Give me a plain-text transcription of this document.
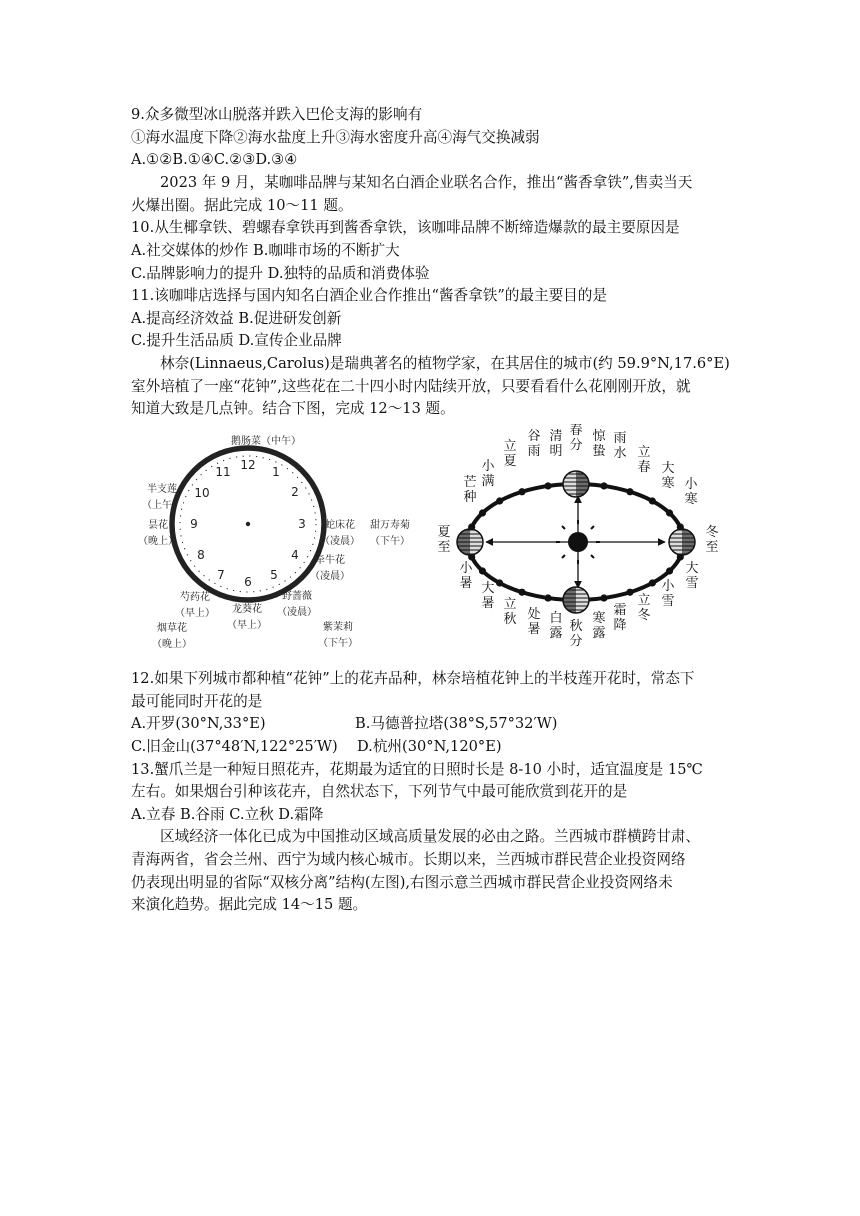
9.众多微型冰山脱落并跌入巴伦支海的影响有
①海水温度下降②海水盐度上升③海水密度升高④海气交换减弱
A.①②B.①④C.②③D.③④
2023 年 9 月，某咖啡品牌与某知名白酒企业联名合作，推出“酱香拿铁”,售卖当天
火爆出圈。据此完成 10～11 题。
10.从生椰拿铁、碧螺春拿铁再到酱香拿铁，该咖啡品牌不断缔造爆款的最主要原因是
A.社交媒体的炒作 B.咖啡市场的不断扩大
C.品牌影响力的提升 D.独特的品质和消费体验
11.该咖啡店选择与国内知名白酒企业合作推出“酱香拿铁”的最主要目的是
A.提高经济效益 B.促进研发创新
C.提升生活品质 D.宣传企业品牌
林奈(Linnaeus,Carolus)是瑞典著名的植物学家，在其居住的城市(约 59.9°N,17.6°E)
室外培植了一座“花钟”,这些花在二十四小时内陆续开放，只要看看什么花刚刚开放，就
知道大致是几点钟。结合下图，完成 12～13 题。
鹅肠菜（中午）
12 1
2
3
4
5
6
7
8
9
10
11
半支莲
（上午）
昙花
（晚上）
蛇床花
（凌晨）
甜万寿菊
（下午）
牵牛花
（凌晨）
野蔷薇
（凌晨）
紫茉莉
（下午）
龙葵花
（早上）
芍药花
（早上）
烟草花
（晚上）
芒种
小满
立夏
谷雨
清明
春分
惊蛰
雨水 立春 大寒 小寒
小暑 大暑 立秋 处暑
白露 秋分
寒露
霜降
立冬
小雪
大雪
夏至
冬至
12.如果下列城市都种植“花钟”上的花卉品种，林奈培植花钟上的半枝莲开花时，常态下
最可能同时开花的是
A.开罗(30°N,33°E)	B.马德普拉塔(38°S,57°32′W)
C.旧金山(37°48′N,122°25′W) D.杭州(30°N,120°E)
13.蟹爪兰是一种短日照花卉，花期最为适宜的日照时长是 8-10 小时，适宜温度是 15℃
左右。如果烟台引种该花卉，自然状态下，下列节气中最可能欣赏到花开的是
A.立春 B.谷雨 C.立秋 D.霜降
区域经济一体化已成为中国推动区域高质量发展的必由之路。兰西城市群横跨甘肃、
青海两省，省会兰州、西宁为域内核心城市。长期以来，兰西城市群民营企业投资网络
仍表现出明显的省际“双核分离”结构(左图),右图示意兰西城市群民营企业投资网络未
来演化趋势。据此完成 14～15 题。
